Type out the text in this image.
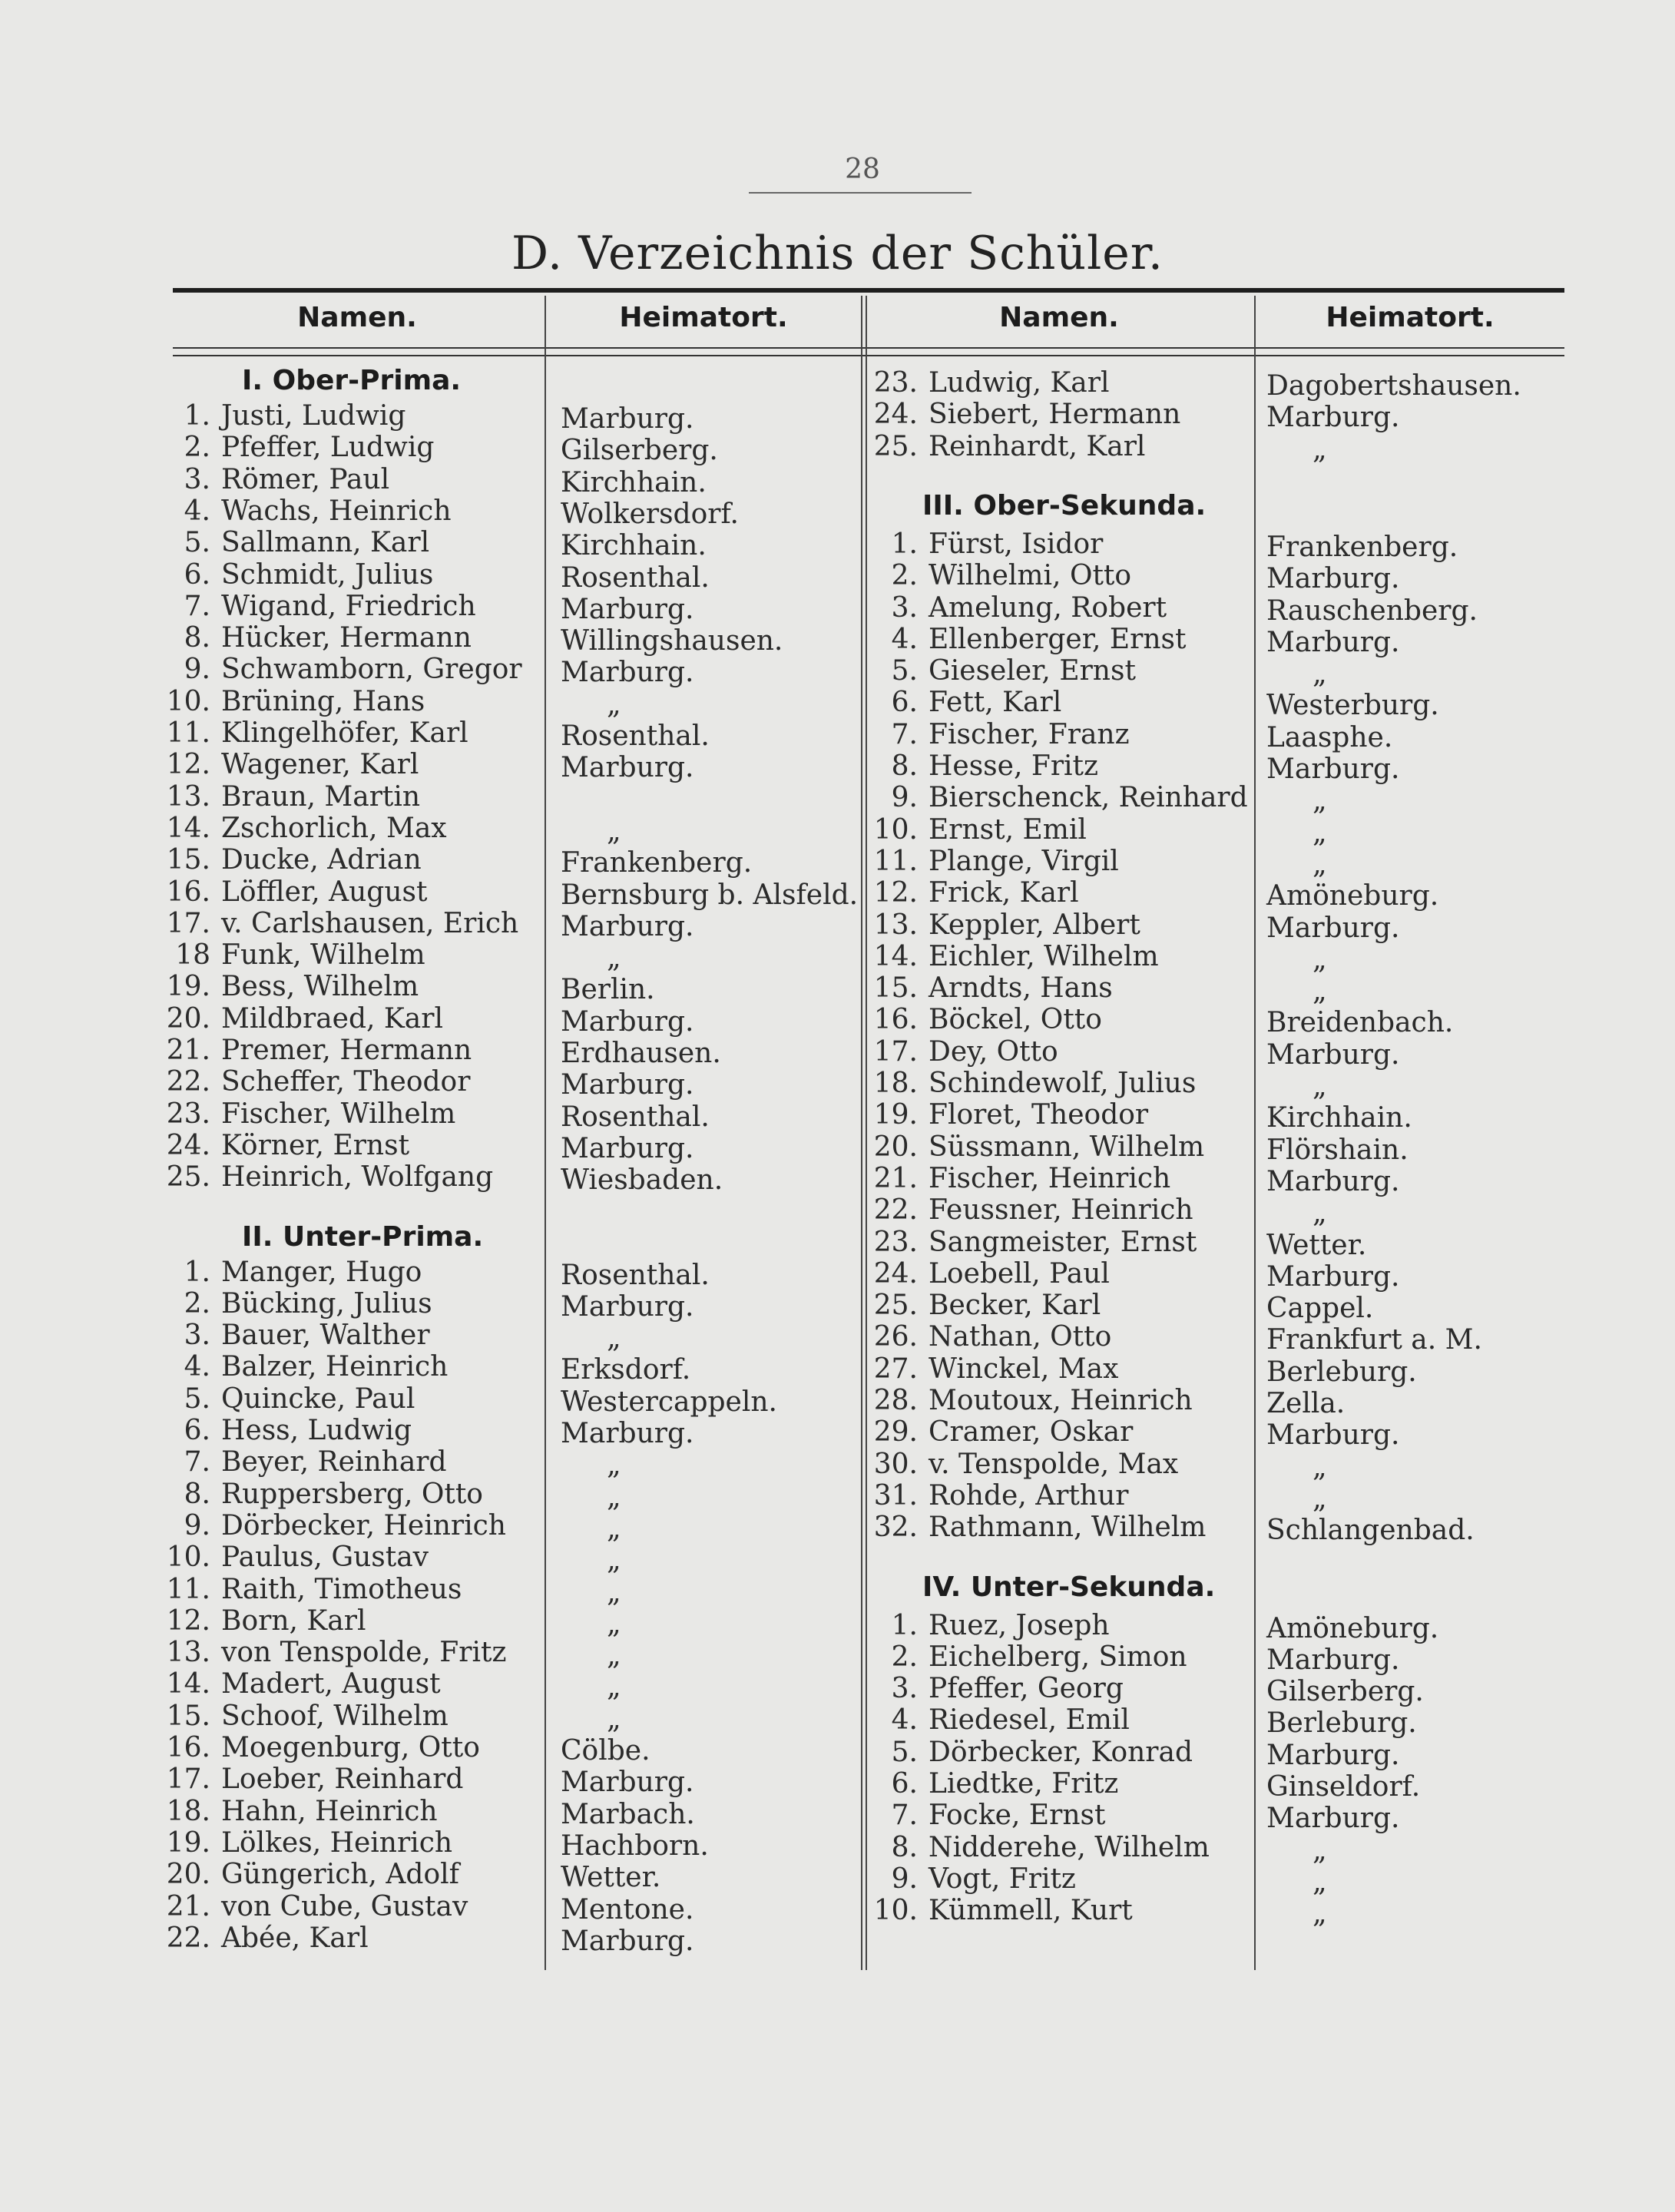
28
D. Verzeichnis der Schüler.
Namen.	Heimatort.	Namen.	Heimatort.
I. Ober-Prima.
1. Justi, Ludwig	Marburg.
2. Pfeffer, Ludwig	Gilserberg.
3. Römer, Paul	Kirchhain.
4. Wachs, Heinrich	Wolkersdorf.
5. Sallmann, Karl	Kirchhain.
6. Schmidt, Julius	Rosenthal.
7. Wigand, Friedrich	Marburg.
8. Hücker, Hermann	Willingshausen.
9. Schwamborn, Gregor Marburg.
10. Brüning, Hans	„
11. Klingelhöfer, Karl	Rosenthal.
12. Wagener, Karl	Marburg.
13. Braun, Martin
14. Zschorlich, Max	„
15. Ducke, Adrian	Frankenberg.
16. Löffler, August	Bernsburg b. Alsfeld.
17. v. Carlshausen, Erich Marburg.
18 Funk, Wilhelm	„
19. Bess, Wilhelm	Berlin.
20. Mildbraed, Karl	Marburg.
21. Premer, Hermann	Erdhausen.
22. Scheffer, Theodor	Marburg.
23. Fischer, Wilhelm	Rosenthal.
24. Körner, Ernst	Marburg.
25. Heinrich, Wolfgang Wiesbaden.
II. Unter-Prima.
1. Manger, Hugo	Rosenthal.
2. Bücking, Julius	Marburg.
3. Bauer, Walther	„
4. Balzer, Heinrich	Erksdorf.
5. Quincke, Paul	Westercappeln.
6. Hess, Ludwig	Marburg.
7. Beyer, Reinhard	„
8. Ruppersberg, Otto	„
9. Dörbecker, Heinrich	„
10. Paulus, Gustav	„
11. Raith, Timotheus	„
12. Born, Karl	„
13. von Tenspolde, Fritz	„
14. Madert, August	„
15. Schoof, Wilhelm	„
16. Moegenburg, Otto	Cölbe.
17. Loeber, Reinhard	Marburg.
18. Hahn, Heinrich	Marbach.
19. Lölkes, Heinrich	Hachborn.
20. Güngerich, Adolf	Wetter.
21. von Cube, Gustav	Mentone.
22. Abée, Karl	Marburg.
23. Ludwig, Karl	Dagobertshausen.
24. Siebert, Hermann	Marburg.
25. Reinhardt, Karl	„
III. Ober-Sekunda.
1. Fürst, Isidor	Frankenberg.
2. Wilhelmi, Otto	Marburg.
3. Amelung, Robert	Rauschenberg.
4. Ellenberger, Ernst	Marburg.
5. Gieseler, Ernst	„
6. Fett, Karl	Westerburg.
7. Fischer, Franz	Laasphe.
8. Hesse, Fritz	Marburg.
9. Bierschenck, Reinhard „
10. Ernst, Emil	„
11. Plange, Virgil	„
12. Frick, Karl	Amöneburg.
13. Keppler, Albert	Marburg.
14. Eichler, Wilhelm	„
15. Arndts, Hans	„
16. Böckel, Otto	Breidenbach.
17. Dey, Otto	Marburg.
18. Schindewolf, Julius	„
19. Floret, Theodor	Kirchhain.
20. Süssmann, Wilhelm Flörshain.
21. Fischer, Heinrich	Marburg.
22. Feussner, Heinrich	„
23. Sangmeister, Ernst	Wetter.
24. Loebell, Paul	Marburg.
25. Becker, Karl	Cappel.
26. Nathan, Otto	Frankfurt a. M.
27. Winckel, Max	Berleburg.
28. Moutoux, Heinrich	Zella.
29. Cramer, Oskar	Marburg.
30. v. Tenspolde, Max	„
31. Rohde, Arthur	„
32. Rathmann, Wilhelm Schlangenbad.
IV. Unter-Sekunda.
1. Ruez, Joseph	Amöneburg.
2. Eichelberg, Simon	Marburg.
3. Pfeffer, Georg	Gilserberg.
4. Riedesel, Emil	Berleburg.
5. Dörbecker, Konrad	Marburg.
6. Liedtke, Fritz	Ginseldorf.
7. Focke, Ernst	Marburg.
8. Nidderehe, Wilhelm	„
9. Vogt, Fritz	„
10. Kümmell, Kurt	„
